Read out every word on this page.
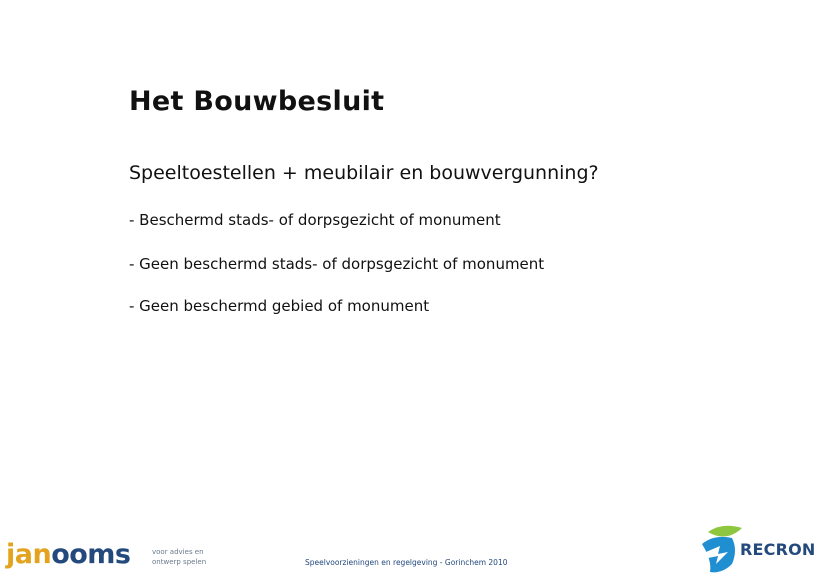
Het Bouwbesluit
Speeltoestellen + meubilair en bouwvergunning?
- Beschermd stads- of dorpsgezicht of monument
- Geen beschermd stads- of dorpsgezicht of monument
- Geen beschermd gebied of monument
janooms	voor advies en
ontwerp spelen	Speelvoorzieningen en regelgeving - Gorinchem 2010
RECRON
